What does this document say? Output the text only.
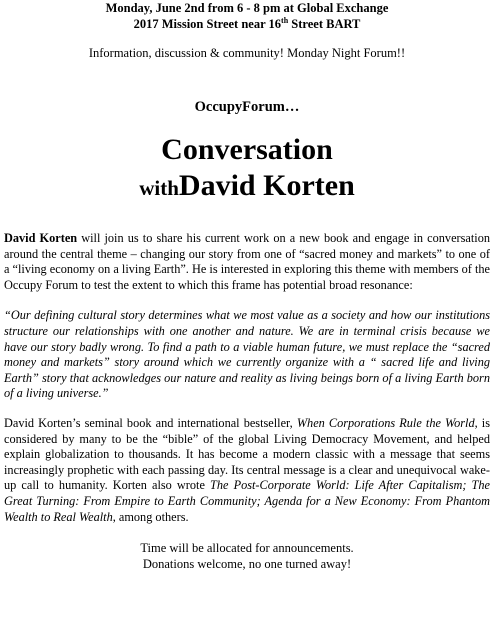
Monday, June 2nd from 6 - 8 pm at Global Exchange
2017 Mission Street near 16th Street BART
Information, discussion & community! Monday Night Forum!!
OccupyForum…
Conversation
withDavid Korten

David Korten will join us to share his current work on a new book and engage in conversation around the central theme – changing our story from one of “sacred money and markets” to one of a “living economy on a living Earth”. He is interested in exploring this theme with members of the Occupy Forum to test the extent to which this frame has potential broad resonance:

“Our defining cultural story determines what we most value as a society and how our institutions structure our relationships with one another and nature. We are in terminal crisis because we have our story badly wrong. To find a path to a viable human future, we must replace the “sacred money and markets” story around which we currently organize with a “ sacred life and living Earth” story that acknowledges our nature and reality as living beings born of a living Earth born of a living universe.”

David Korten’s seminal book and international bestseller, When Corporations Rule the World, is considered by many to be the “bible” of the global Living Democracy Movement, and helped explain globalization to thousands. It has become a modern classic with a message that seems increasingly prophetic with each passing day. Its central message is a clear and unequivocal wake-up call to humanity. Korten also wrote The Post-Corporate World: Life After Capitalism; The Great Turning: From Empire to Earth Community; Agenda for a New Economy: From Phantom Wealth to Real Wealth, among others.

Time will be allocated for announcements.
Donations welcome, no one turned away!
